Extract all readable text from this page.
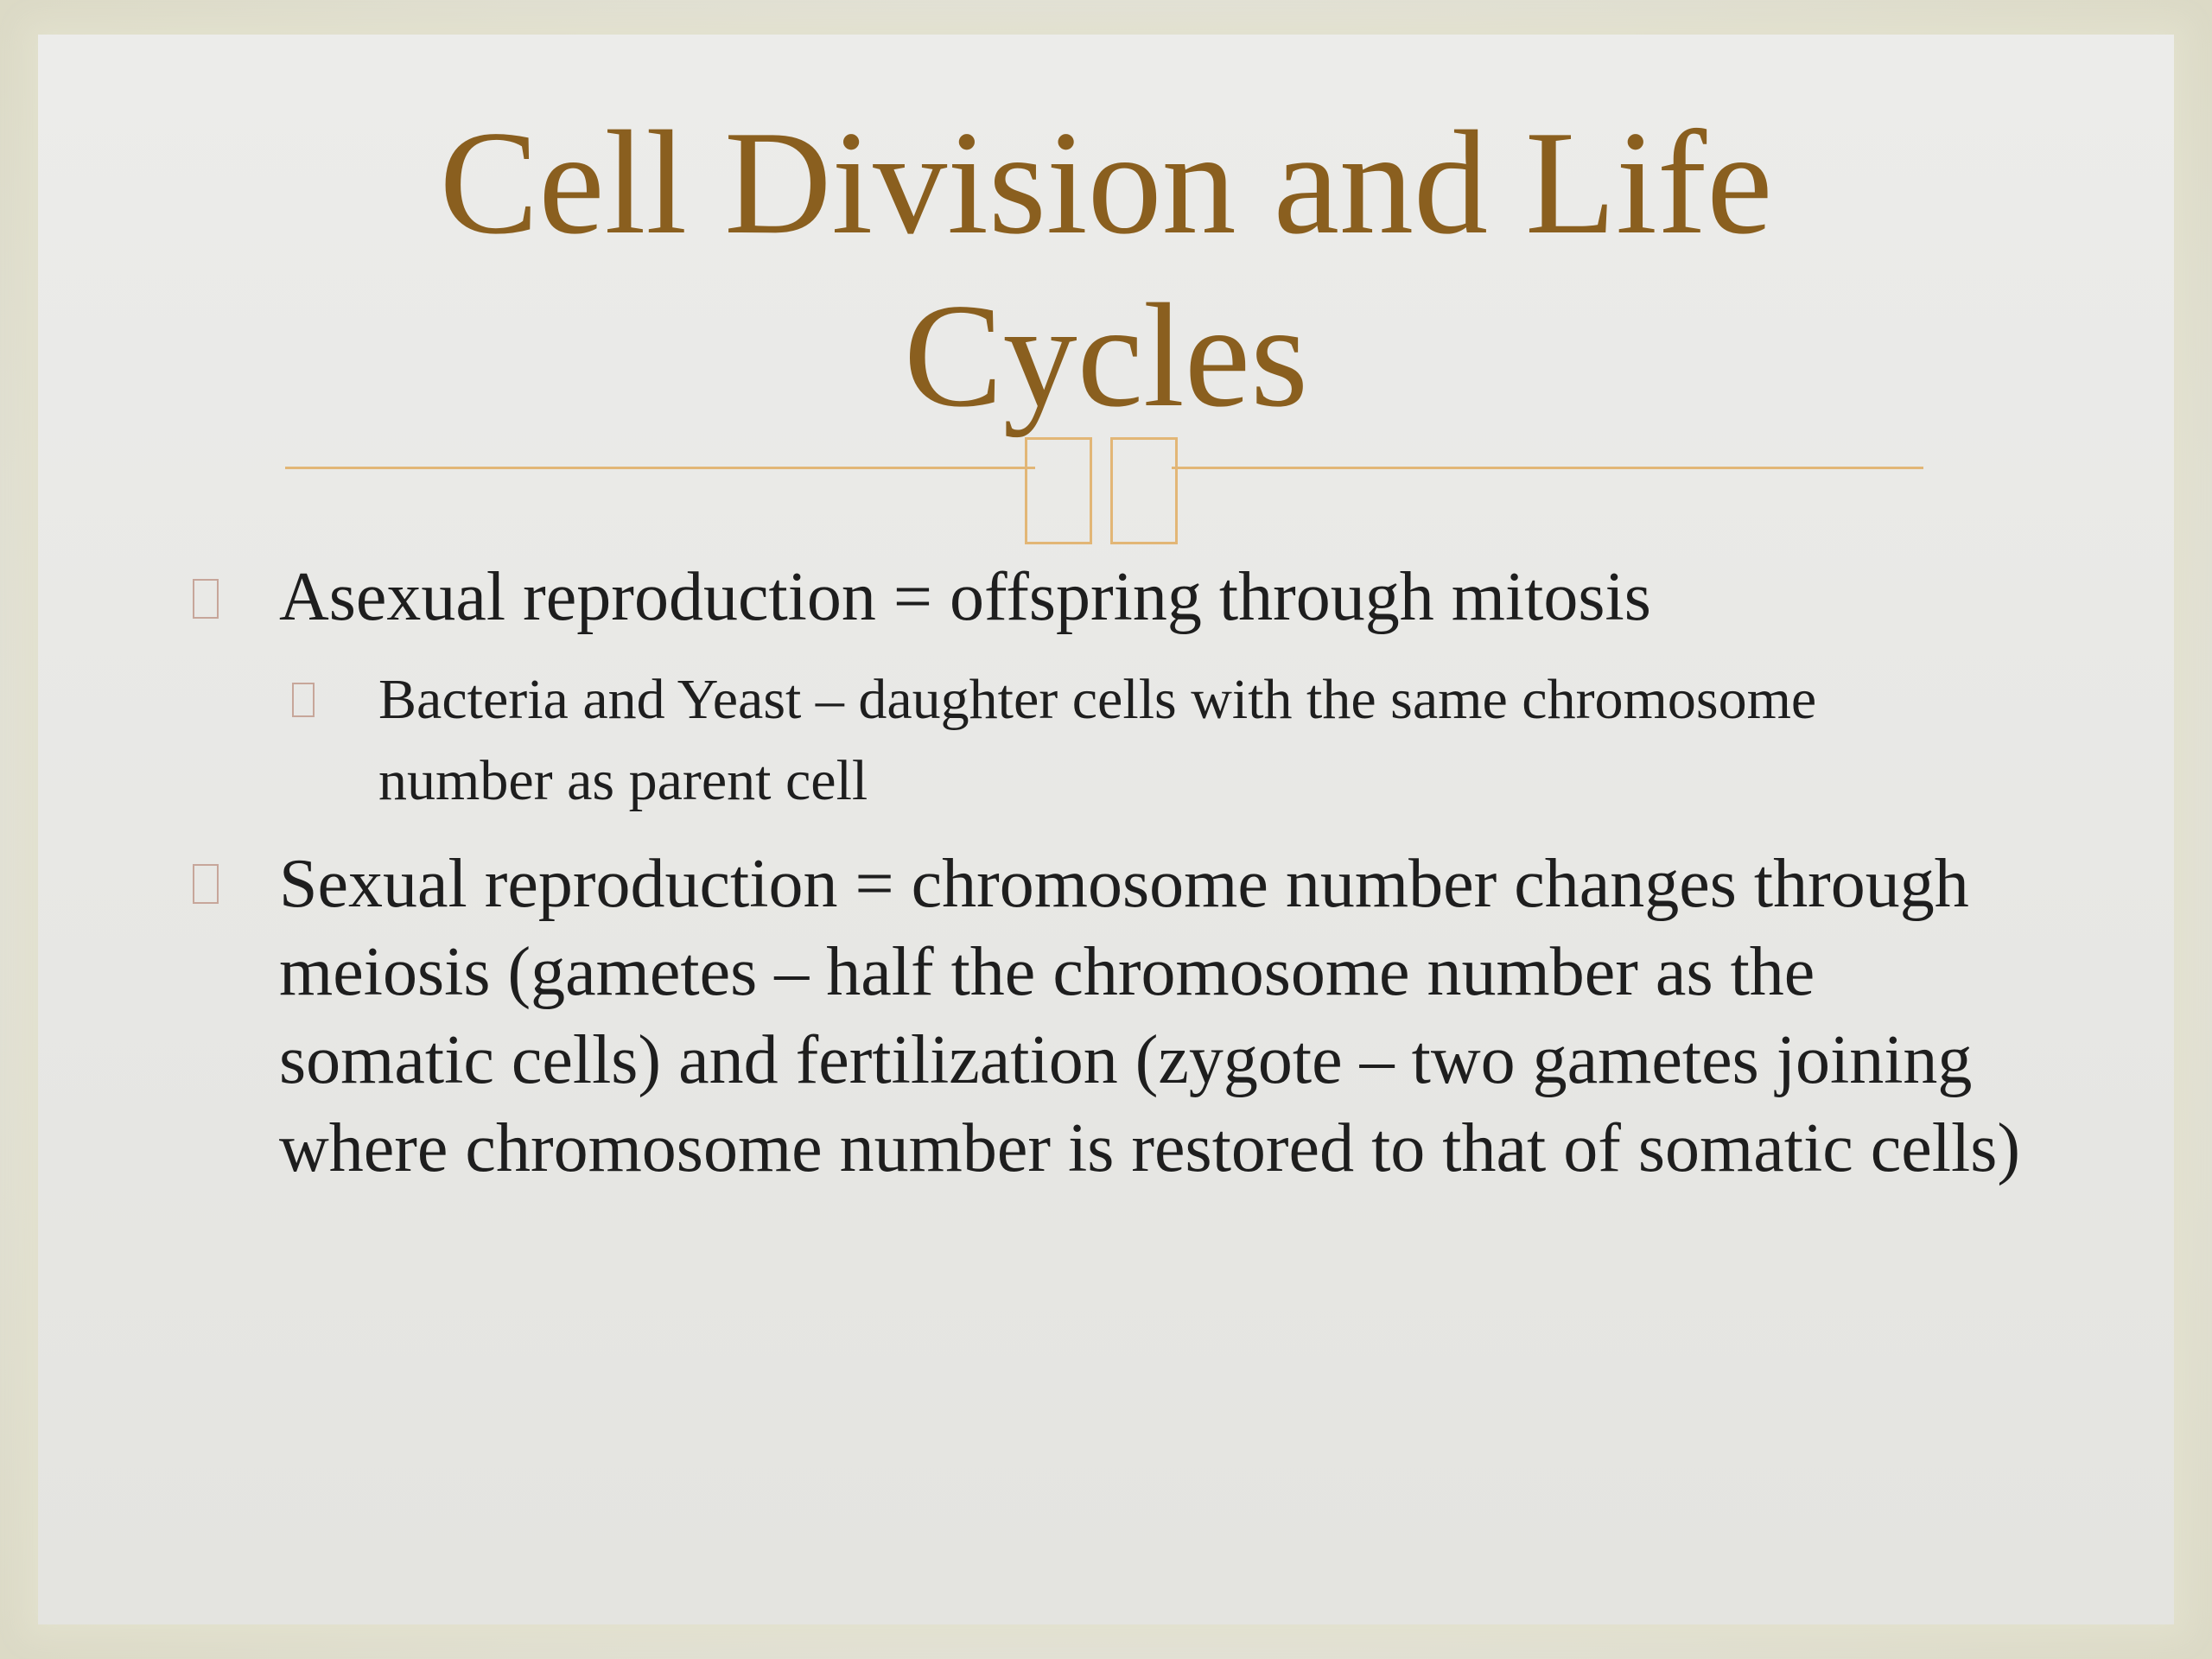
Cell Division and Life Cycles

Asexual reproduction = offspring through mitosis

Bacteria and Yeast – daughter cells with the same chromosome number as parent cell

Sexual reproduction = chromosome number changes through meiosis (gametes – half the chromosome number as the somatic cells) and fertilization (zygote – two gametes joining where chromosome number is restored to that of somatic cells)
